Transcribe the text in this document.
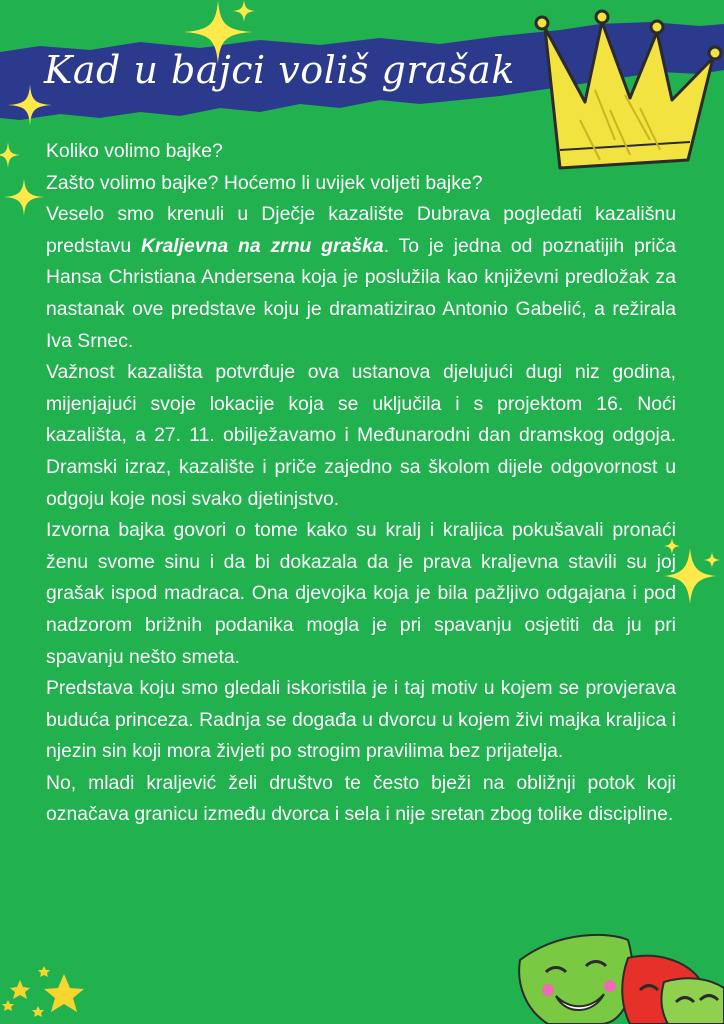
Kad u bajci voliš grašak

Koliko volimo bajke?

Zašto volimo bajke? Hoćemo li uvijek voljeti bajke?

Veselo smo krenuli u Dječje kazalište Dubrava pogledati kazališnu predstavu Kraljevna na zrnu graška. To je jedna od poznatijih priča Hansa Christiana Andersena koja je poslužila kao književni predložak za nastanak ove predstave koju je dramatizirao Antonio Gabelić, a režirala Iva Srnec.

Važnost kazališta potvrđuje ova ustanova djelujući dugi niz godina, mijenjajući svoje lokacije koja se uključila i s projektom 16. Noći kazališta, a 27. 11. obilježavamo i Međunarodni dan dramskog odgoja. Dramski izraz, kazalište i priče zajedno sa školom dijele odgovornost u odgoju koje nosi svako djetinjstvo.

Izvorna bajka govori o tome kako su kralj i kraljica pokušavali pronaći ženu svome sinu i da bi dokazala da je prava kraljevna stavili su joj grašak ispod madraca. Ona djevojka koja je bila pažljivo odgajana i pod nadzorom brižnih podanika mogla je pri spavanju osjetiti da ju pri spavanju nešto smeta.

Predstava koju smo gledali iskoristila je i taj motiv u kojem se provjerava buduća princeza. Radnja se događa u dvorcu u kojem živi majka kraljica i njezin sin koji mora živjeti po strogim pravilima bez prijatelja.

No, mladi kraljević želi društvo te često bježi na obližnji potok koji označava granicu između dvorca i sela i nije sretan zbog tolike discipline.
